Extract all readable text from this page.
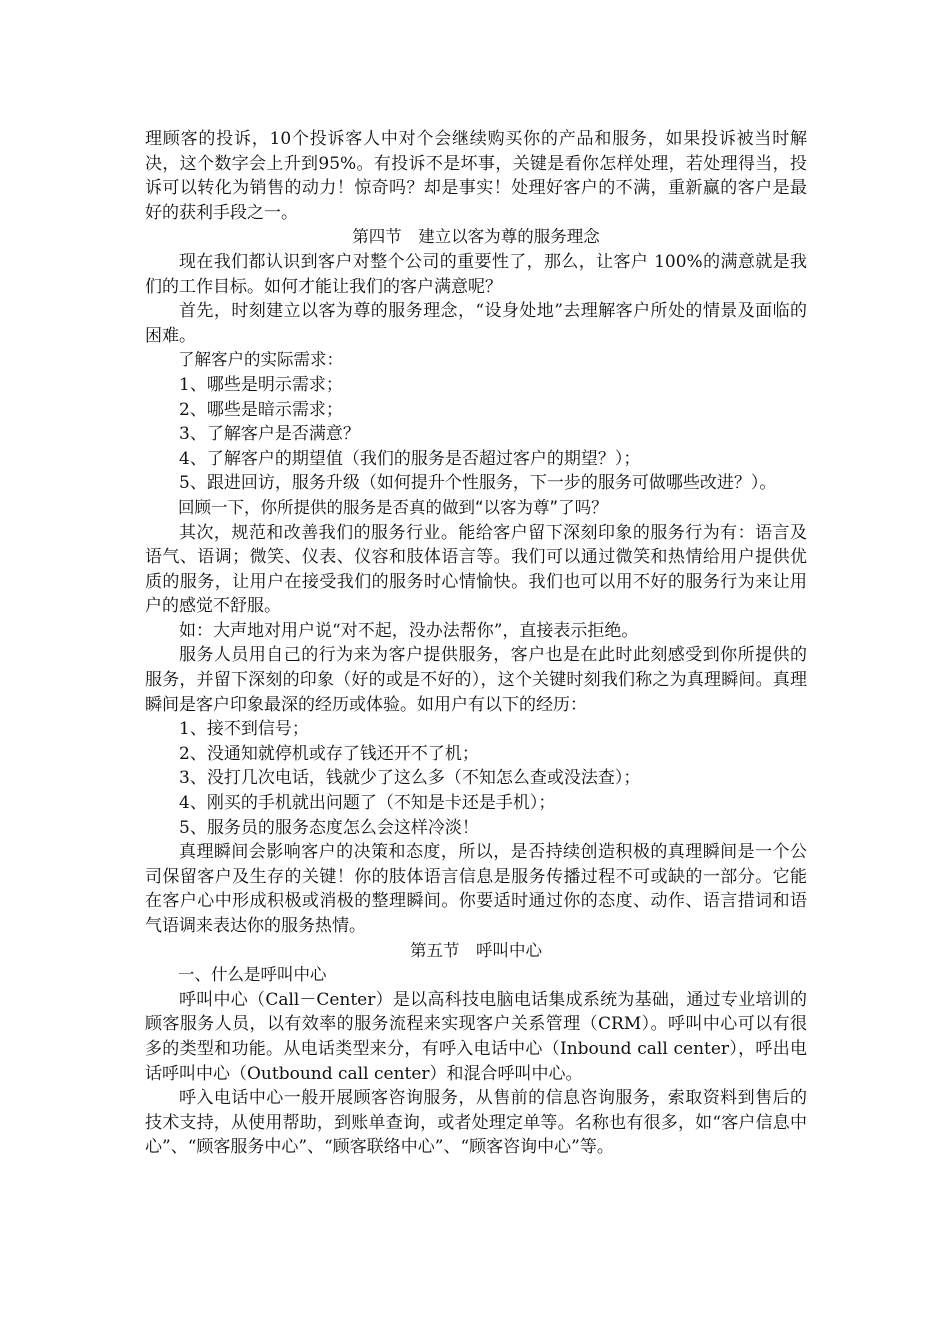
理顾客的投诉，10个投诉客人中对个会继续购买你的产品和服务，如果投诉被当时解决，这个数字会上升到95%。有投诉不是坏事，关键是看你怎样处理，若处理得当，投诉可以转化为销售的动力！惊奇吗？却是事实！处理好客户的不满，重新赢的客户是最好的获利手段之一。

第四节　建立以客为尊的服务理念

现在我们都认识到客户对整个公司的重要性了，那么，让客户 100%的满意就是我们的工作目标。如何才能让我们的客户满意呢？

首先，时刻建立以客为尊的服务理念，“设身处地”去理解客户所处的情景及面临的困难。

了解客户的实际需求：

1、哪些是明示需求；

2、哪些是暗示需求；

3、了解客户是否满意？

4、了解客户的期望值（我们的服务是否超过客户的期望？）；

5、跟进回访，服务升级（如何提升个性服务，下一步的服务可做哪些改进？）。

回顾一下，你所提供的服务是否真的做到“以客为尊”了吗？

其次，规范和改善我们的服务行业。能给客户留下深刻印象的服务行为有：语言及语气、语调；微笑、仪表、仪容和肢体语言等。我们可以通过微笑和热情给用户提供优质的服务，让用户在接受我们的服务时心情愉快。我们也可以用不好的服务行为来让用户的感觉不舒服。

如：大声地对用户说“对不起，没办法帮你”，直接表示拒绝。

服务人员用自己的行为来为客户提供服务，客户也是在此时此刻感受到你所提供的服务，并留下深刻的印象（好的或是不好的），这个关键时刻我们称之为真理瞬间。真理瞬间是客户印象最深的经历或体验。如用户有以下的经历：

1、接不到信号；

2、没通知就停机或存了钱还开不了机；

3、没打几次电话，钱就少了这么多（不知怎么查或没法查）；

4、刚买的手机就出问题了（不知是卡还是手机）；

5、服务员的服务态度怎么会这样冷淡！

真理瞬间会影响客户的决策和态度，所以，是否持续创造积极的真理瞬间是一个公司保留客户及生存的关键！你的肢体语言信息是服务传播过程不可或缺的一部分。它能在客户心中形成积极或消极的整理瞬间。你要适时通过你的态度、动作、语言措词和语气语调来表达你的服务热情。

第五节　呼叫中心

一、什么是呼叫中心

呼叫中心（Call－Center）是以高科技电脑电话集成系统为基础，通过专业培训的顾客服务人员，以有效率的服务流程来实现客户关系管理（CRM）。呼叫中心可以有很多的类型和功能。从电话类型来分，有呼入电话中心（Inbound call center），呼出电话呼叫中心（Outbound call center）和混合呼叫中心。

呼入电话中心一般开展顾客咨询服务，从售前的信息咨询服务，索取资料到售后的技术支持，从使用帮助，到账单查询，或者处理定单等。名称也有很多，如“客户信息中心”、“顾客服务中心”、“顾客联络中心”、“顾客咨询中心”等。
